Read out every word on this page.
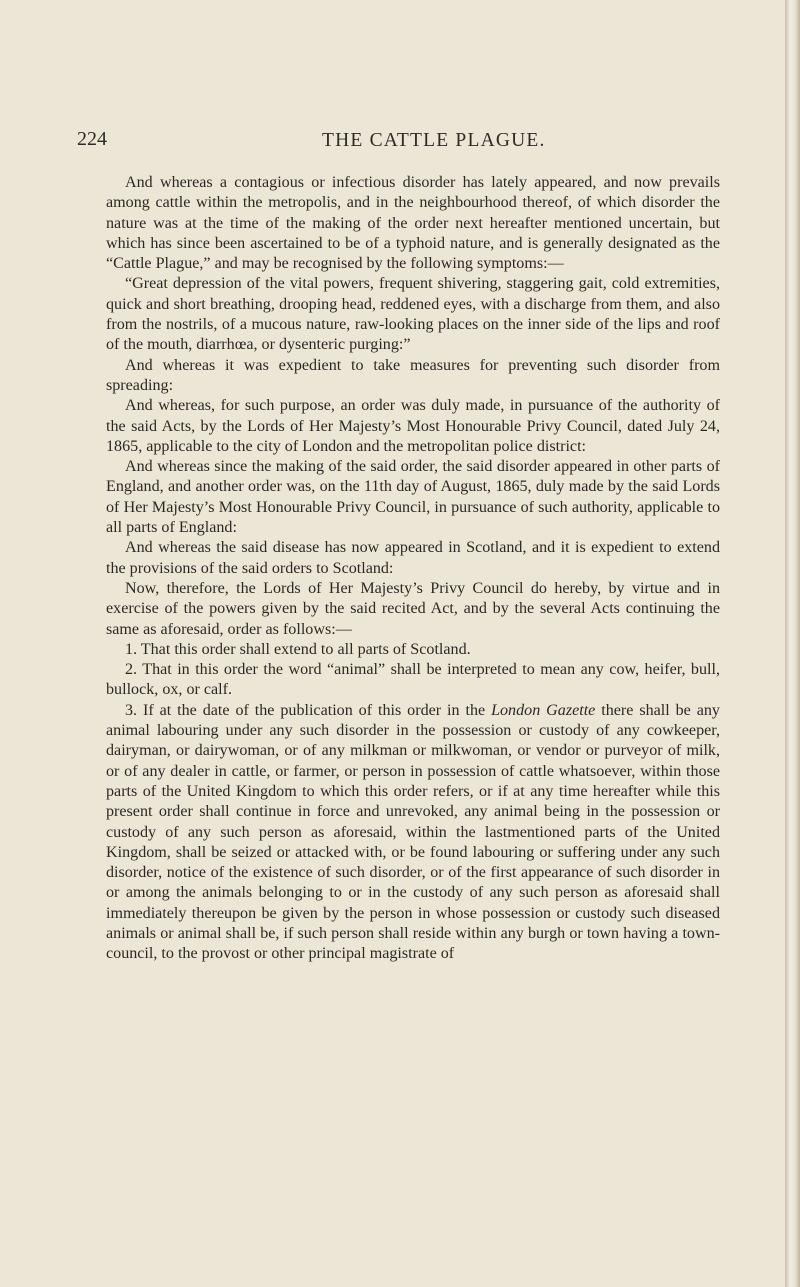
224	THE CATTLE PLAGUE.

And whereas a contagious or infectious disorder has lately appeared, and now prevails among cattle within the metropolis, and in the neighbourhood thereof, of which disorder the nature was at the time of the making of the order next hereafter mentioned uncertain, but which has since been ascertained to be of a typhoid nature, and is generally designated as the “Cattle Plague,” and may be recognised by the following symptoms:—

“Great depression of the vital powers, frequent shivering, staggering gait, cold extremities, quick and short breathing, drooping head, reddened eyes, with a discharge from them, and also from the nostrils, of a mucous nature, raw-looking places on the inner side of the lips and roof of the mouth, diarrhœa, or dysenteric purging:”

And whereas it was expedient to take measures for preventing such disorder from spreading:

And whereas, for such purpose, an order was duly made, in pursuance of the authority of the said Acts, by the Lords of Her Majesty’s Most Honourable Privy Council, dated July 24, 1865, applicable to the city of London and the metropolitan police district:

And whereas since the making of the said order, the said disorder appeared in other parts of England, and another order was, on the 11th day of August, 1865, duly made by the said Lords of Her Majesty’s Most Honourable Privy Council, in pursuance of such authority, applicable to all parts of England:

And whereas the said disease has now appeared in Scotland, and it is expedient to extend the provisions of the said orders to Scotland:

Now, therefore, the Lords of Her Majesty’s Privy Council do hereby, by virtue and in exercise of the powers given by the said recited Act, and by the several Acts continuing the same as aforesaid, order as follows:—

1. That this order shall extend to all parts of Scotland.

2. That in this order the word “animal” shall be interpreted to mean any cow, heifer, bull, bullock, ox, or calf.

3. If at the date of the publication of this order in the London Gazette there shall be any animal labouring under any such disorder in the possession or custody of any cowkeeper, dairyman, or dairywoman, or of any milkman or milkwoman, or vendor or purveyor of milk, or of any dealer in cattle, or farmer, or person in possession of cattle whatsoever, within those parts of the United Kingdom to which this order refers, or if at any time hereafter while this present order shall continue in force and unrevoked, any animal being in the possession or custody of any such person as aforesaid, within the lastmentioned parts of the United Kingdom, shall be seized or attacked with, or be found labouring or suffering under any such disorder, notice of the existence of such disorder, or of the first appearance of such disorder in or among the animals belonging to or in the custody of any such person as aforesaid shall immediately thereupon be given by the person in whose possession or custody such diseased animals or animal shall be, if such person shall reside within any burgh or town having a town-council, to the provost or other principal magistrate of
